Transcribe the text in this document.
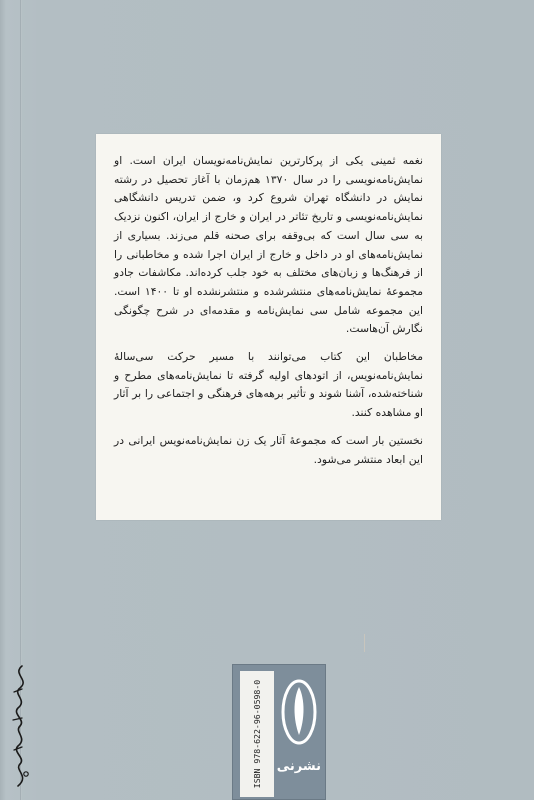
نغمه ثمینی یکی از پرکارترین نمایش‌نامه‌نویسان ایران است. او نمایش‌نامه‌نویسی را در سال ۱۳۷۰ هم‌زمان با آغاز تحصیل در رشته نمایش در دانشگاه تهران شروع کرد و، ضمن تدریس دانشگاهی نمایش‌نامه‌نویسی و تاریخ تئاتر در ایران و خارج از ایران، اکنون نزدیک به سی سال است که بی‌وقفه برای صحنه قلم می‌زند. بسیاری از نمایش‌نامه‌های او در داخل و خارج از ایران اجرا شده و مخاطبانی را از فرهنگ‌ها و زبان‌های مختلف به خود جلب کرده‌اند. مکاشفات جادو مجموعهٔ نمایش‌نامه‌های منتشرشده و منتشرنشده او تا ۱۴۰۰ است. این مجموعه شامل سی نمایش‌نامه و مقدمه‌ای در شرح چگونگی نگارش آن‌هاست.

مخاطبان این کتاب می‌توانند با مسیر حرکت سی‌سالهٔ نمایش‌نامه‌نویس، از اتودهای اولیه گرفته تا نمایش‌نامه‌های مطرح و شناخته‌شده، آشنا شوند و تأثیر برهه‌های فرهنگی و اجتماعی را بر آثار او مشاهده کنند.

نخستین بار است که مجموعهٔ آثار یک زن نمایش‌نامه‌نویس ایرانی در این ابعاد منتشر می‌شود.

ISBN 978-622-96-0598-0	نشرنی
